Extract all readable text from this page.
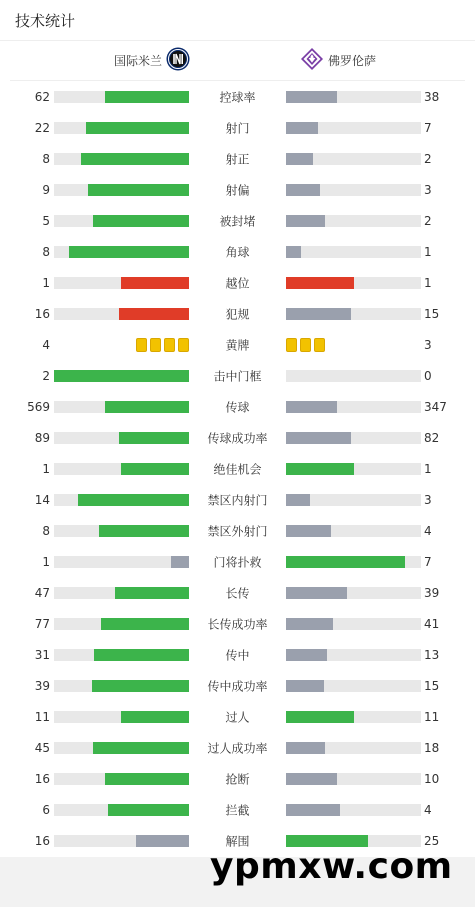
技术统计
国际米兰	佛罗伦萨
62	控球率	38
22	射门	7
8	射正	2
9	射偏	3
5	被封堵	2
8	角球	1
1	越位	1
16	犯规	15
4	黄牌	3
2	击中门框	0
569	传球	347
89	传球成功率	82
1	绝佳机会	1
14	禁区内射门	3
8	禁区外射门	4
1	门将扑救	7
47	长传	39
77	长传成功率	41
31	传中	13
39	传中成功率	15
11	过人	11
45	过人成功率	18
16	抢断	10
6	拦截	4
16	解围	25
ypmxw.com
